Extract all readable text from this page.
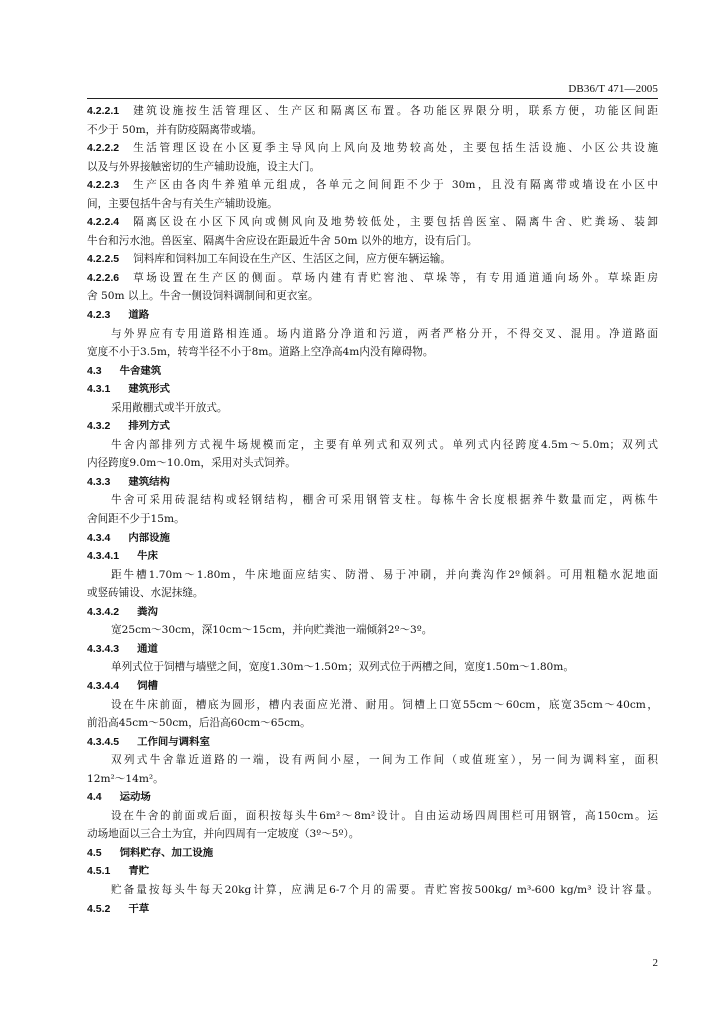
DB36/T 471—2005
4.2.2.1 建筑设施按生活管理区、生产区和隔离区布置。各功能区界限分明，联系方便，功能区间距
不少于 50m，并有防疫隔离带或墙。
4.2.2.2 生活管理区设在小区夏季主导风向上风向及地势较高处，主要包括生活设施、小区公共设施
以及与外界接触密切的生产辅助设施，设主大门。
4.2.2.3 生产区由各肉牛养殖单元组成，各单元之间间距不少于 30m，且没有隔离带或墙设在小区中
间，主要包括牛舍与有关生产辅助设施。
4.2.2.4 隔离区设在小区下风向或侧风向及地势较低处，主要包括兽医室、隔离牛舍、贮粪场、装卸
牛台和污水池。兽医室、隔离牛舍应设在距最近牛舍 50m 以外的地方，设有后门。
4.2.2.5 饲料库和饲料加工车间设在生产区、生活区之间，应方便车辆运输。
4.2.2.6 草场设置在生产区的侧面。草场内建有青贮窖池、草垛等，有专用通道通向场外。草垛距房
舍 50m 以上。牛舍一侧设饲料调制间和更衣室。
4.2.3 道路
与外界应有专用道路相连通。场内道路分净道和污道，两者严格分开，不得交叉、混用。净道路面
宽度不小于3.5m，转弯半径不小于8m。道路上空净高4m内没有障碍物。
4.3 牛舍建筑
4.3.1 建筑形式
采用敞棚式或半开放式。
4.3.2 排列方式
牛舍内部排列方式视牛场规模而定，主要有单列式和双列式。单列式内径跨度4.5m～5.0m；双列式
内径跨度9.0m～10.0m，采用对头式饲养。
4.3.3 建筑结构
牛舍可采用砖混结构或轻钢结构，棚舍可采用钢管支柱。每栋牛舍长度根据养牛数量而定，两栋牛
舍间距不少于15m。
4.3.4 内部设施
4.3.4.1 牛床
距牛槽1.70m～1.80m，牛床地面应结实、防滑、易于冲刷，并向粪沟作2º倾斜。可用粗糙水泥地面
或竖砖铺设、水泥抹缝。
4.3.4.2 粪沟
宽25cm～30cm，深10cm～15cm，并向贮粪池一端倾斜2º～3º。
4.3.4.3 通道
单列式位于饲槽与墙壁之间，宽度1.30m～1.50m；双列式位于两槽之间，宽度1.50m～1.80m。
4.3.4.4 饲槽
设在牛床前面，槽底为圆形，槽内表面应光滑、耐用。饲槽上口宽55cm～60cm，底宽35cm～40cm，
前沿高45cm～50cm，后沿高60cm～65cm。
4.3.4.5 工作间与调料室
双列式牛舍靠近道路的一端，设有两间小屋，一间为工作间（或值班室），另一间为调料室，面积
12m²～14m²。
4.4 运动场
设在牛舍的前面或后面，面积按每头牛6m²～8m²设计。自由运动场四周围栏可用钢管，高150cm。运
动场地面以三合土为宜，并向四周有一定坡度（3º～5º）。
4.5 饲料贮存、加工设施
4.5.1 青贮
贮备量按每头牛每天20kg计算，应满足6-7个月的需要。青贮窖按500kg/ m³-600 kg/m³ 设计容量。
4.5.2 干草
2
